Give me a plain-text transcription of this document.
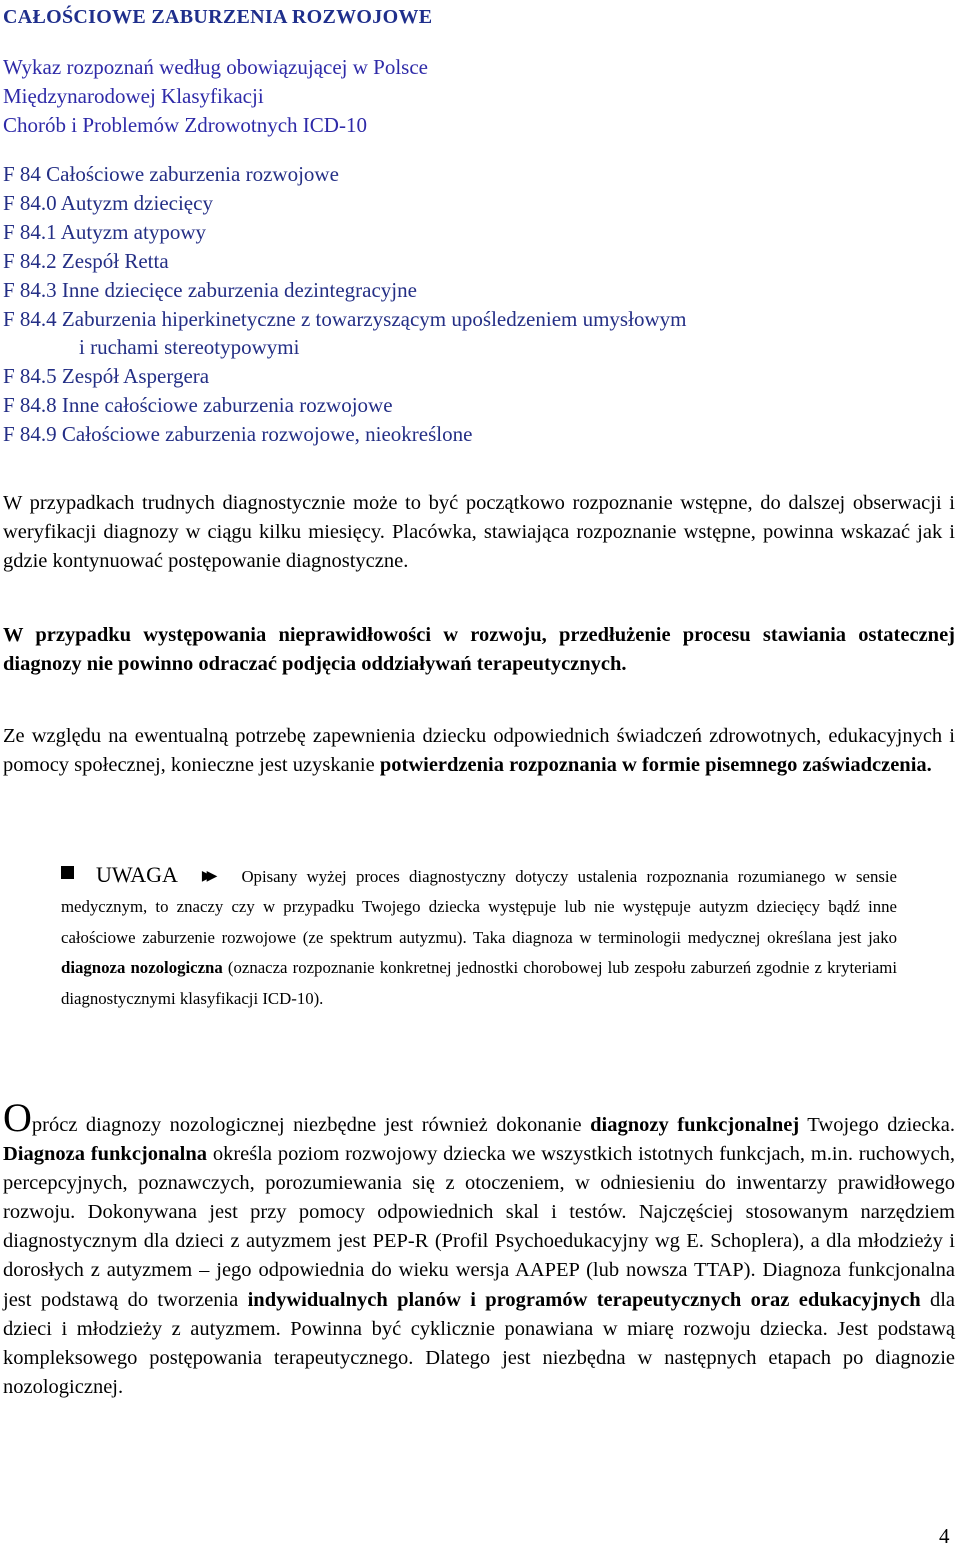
CAŁOŚCIOWE ZABURZENIA ROZWOJOWE
Wykaz rozpoznań według obowiązującej w Polsce
Międzynarodowej Klasyfikacji
Chorób i Problemów Zdrowotnych ICD-10
F 84 Całościowe zaburzenia rozwojowe
F 84.0 Autyzm dziecięcy
F 84.1 Autyzm atypowy
F 84.2 Zespół Retta
F 84.3 Inne dziecięce zaburzenia dezintegracyjne
F 84.4 Zaburzenia hiperkinetyczne z towarzyszącym upośledzeniem umysłowym
i ruchami stereotypowymi
F 84.5 Zespół Aspergera
F 84.8 Inne całościowe zaburzenia rozwojowe
F 84.9 Całościowe zaburzenia rozwojowe, nieokreślone
W przypadkach trudnych diagnostycznie może to być początkowo rozpoznanie wstępne, do dalszej obserwacji i weryfikacji diagnozy w ciągu kilku miesięcy. Placówka, stawiająca rozpoznanie wstępne, powinna wskazać jak i gdzie kontynuować postępowanie diagnostyczne.
W przypadku występowania nieprawidłowości w rozwoju, przedłużenie procesu stawiania ostatecznej diagnozy nie powinno odraczać podjęcia oddziaływań terapeutycznych.
Ze względu na ewentualną potrzebę zapewnienia dziecku odpowiednich świadczeń zdrowotnych, edukacyjnych i pomocy społecznej, konieczne jest uzyskanie potwierdzenia rozpoznania w formie pisemnego zaświadczenia.
UWAGA ▶▶ Opisany wyżej proces diagnostyczny dotyczy ustalenia rozpoznania rozumianego w sensie medycznym, to znaczy czy w przypadku Twojego dziecka występuje lub nie występuje autyzm dziecięcy bądź inne całościowe zaburzenie rozwojowe (ze spektrum autyzmu). Taka diagnoza w terminologii medycznej określana jest jako diagnoza nozologiczna (oznacza rozpoznanie konkretnej jednostki chorobowej lub zespołu zaburzeń zgodnie z kryteriami diagnostycznymi klasyfikacji ICD-10).
Oprócz diagnozy nozologicznej niezbędne jest również dokonanie diagnozy funkcjonalnej Twojego dziecka. Diagnoza funkcjonalna określa poziom rozwojowy dziecka we wszystkich istotnych funkcjach, m.in. ruchowych, percepcyjnych, poznawczych, porozumiewania się z otoczeniem, w odniesieniu do inwentarzy prawidłowego rozwoju. Dokonywana jest przy pomocy odpowiednich skal i testów. Najczęściej stosowanym narzędziem diagnostycznym dla dzieci z autyzmem jest PEP-R (Profil Psychoedukacyjny wg E. Schoplera), a dla młodzieży i dorosłych z autyzmem – jego odpowiednia do wieku wersja AAPEP (lub nowsza TTAP). Diagnoza funkcjonalna jest podstawą do tworzenia indywidualnych planów i programów terapeutycznych oraz edukacyjnych dla dzieci i młodzieży z autyzmem. Powinna być cyklicznie ponawiana w miarę rozwoju dziecka. Jest podstawą kompleksowego postępowania terapeutycznego. Dlatego jest niezbędna w następnych etapach po diagnozie nozologicznej.
4
